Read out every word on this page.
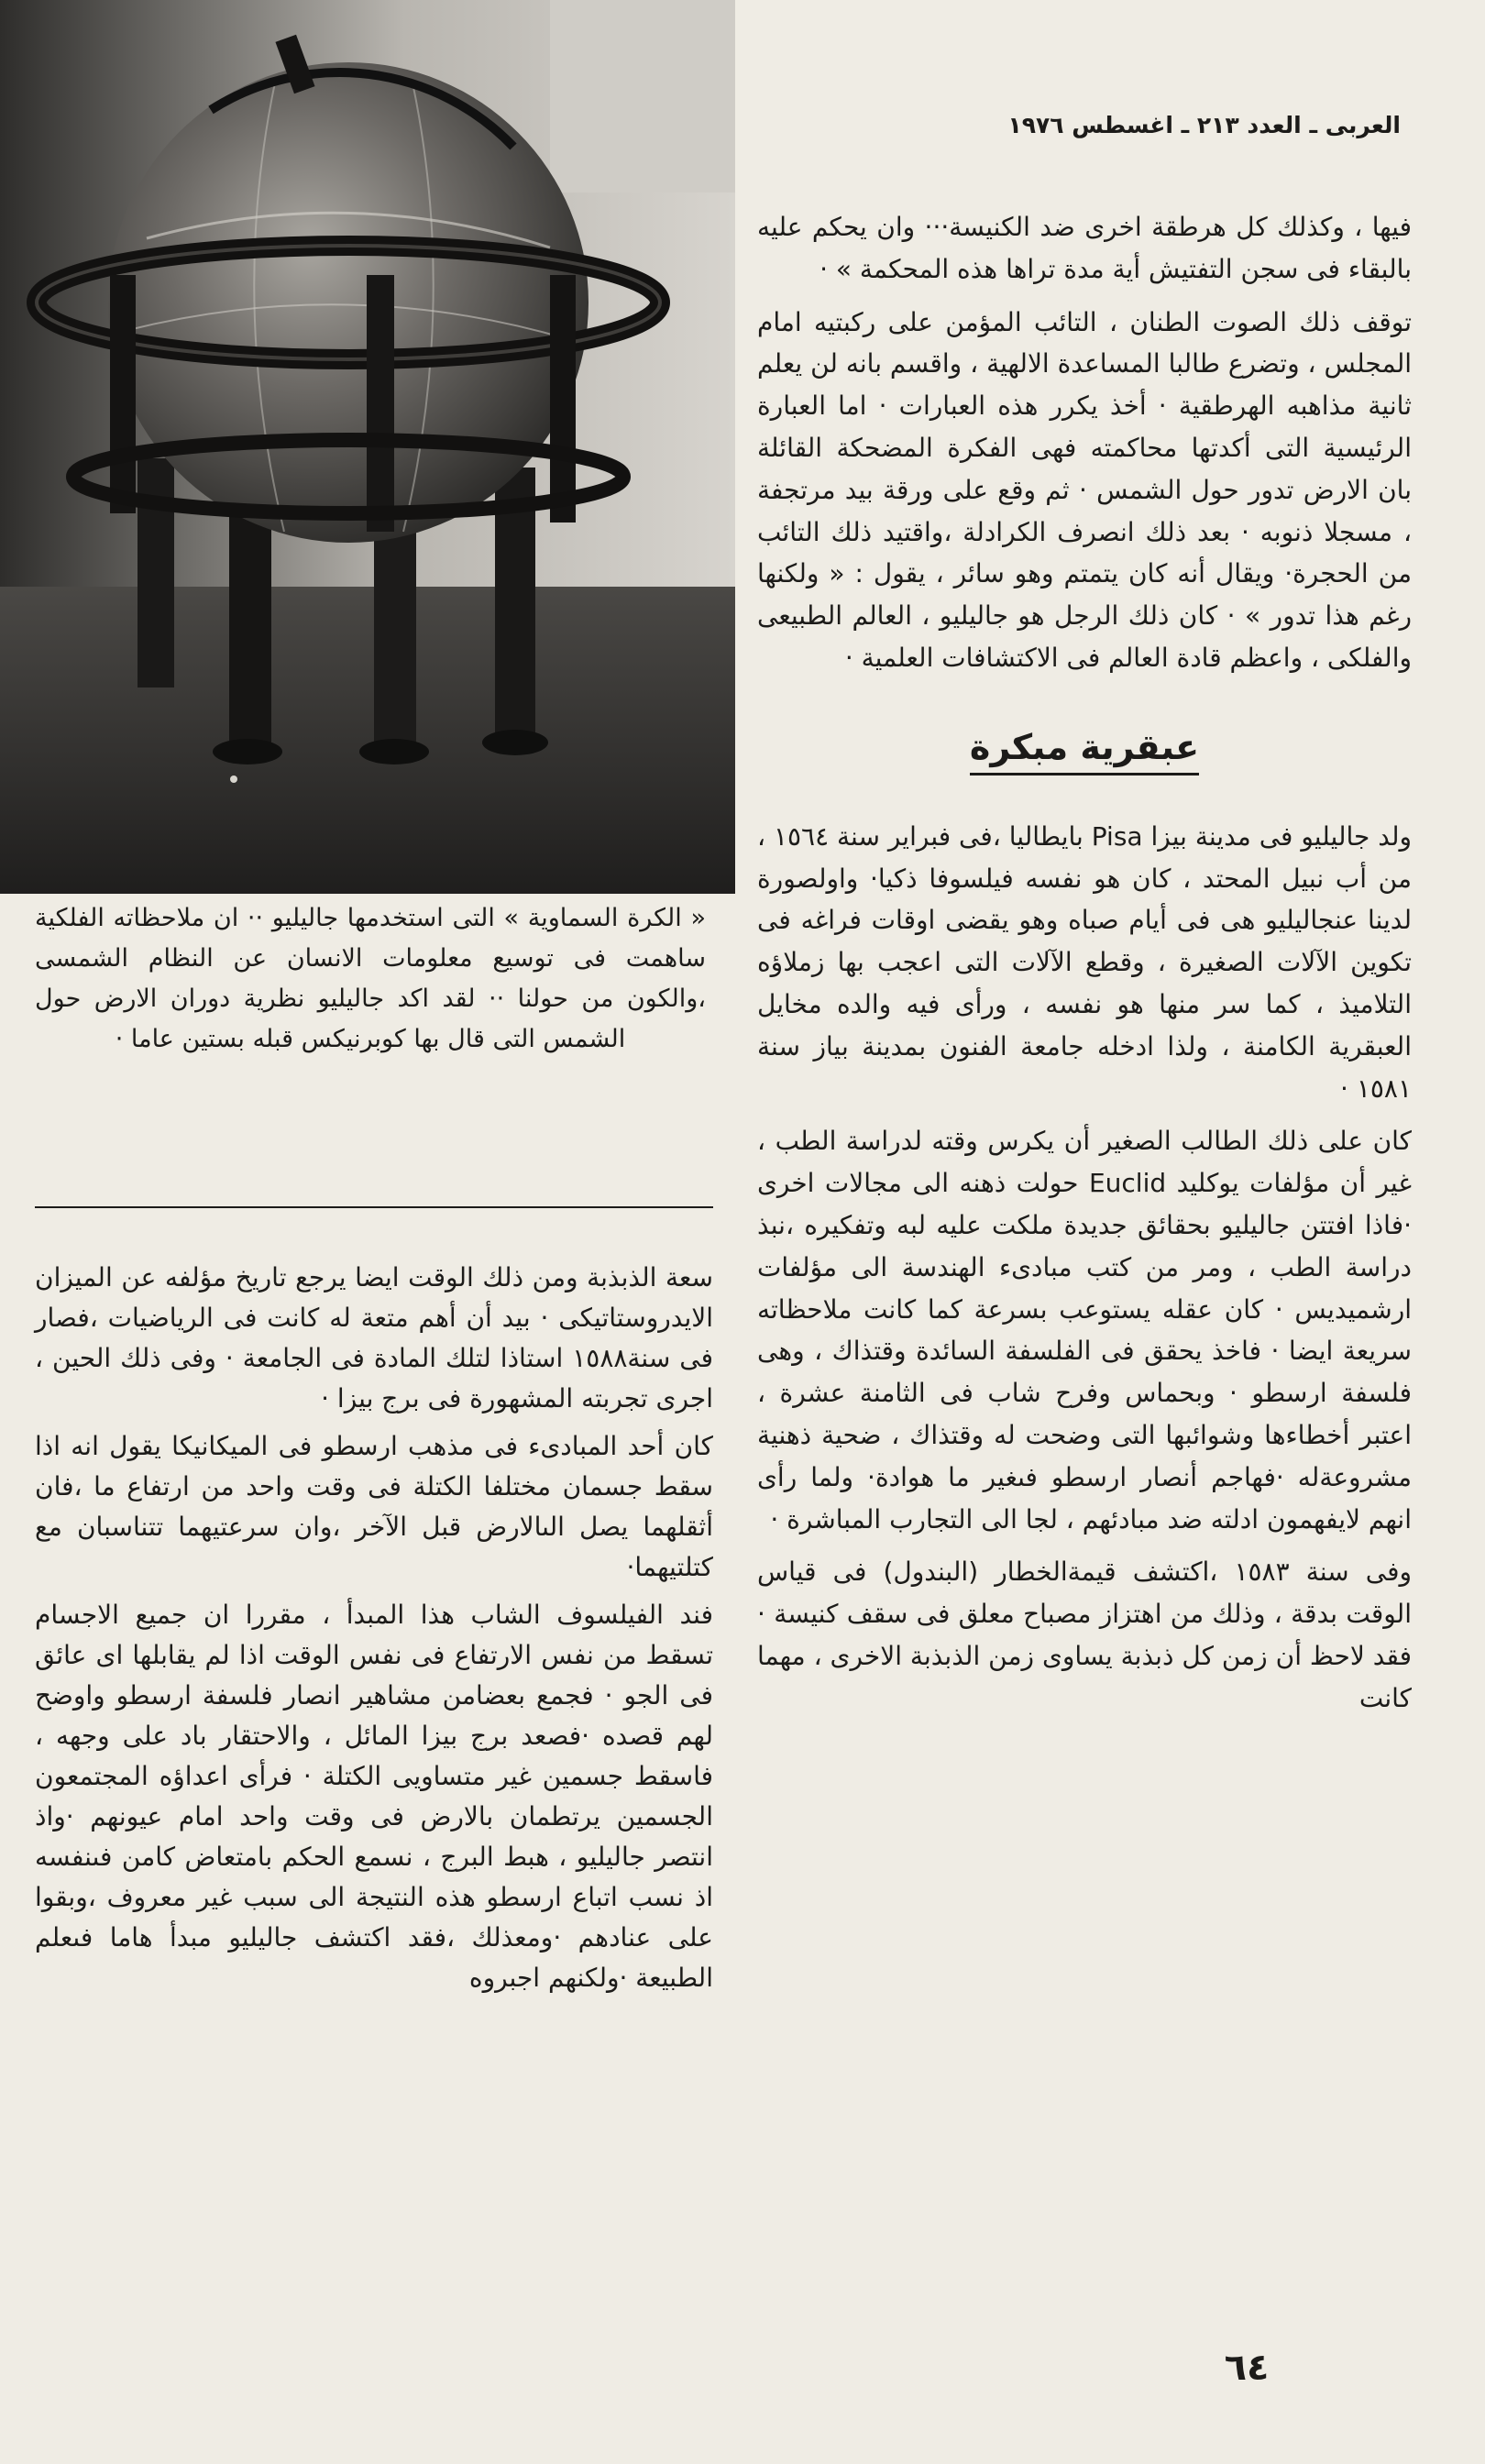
العربى ـ العدد ٢١٣ ـ اغسطس ١٩٧٦
« الكرة السماوية » التى استخدمها جاليليو ·· ان ملاحظاته الفلكية ساهمت فى توسيع معلومات الانسان عن النظام الشمسى ،والكون من حولنا ·· لقد اكد جاليليو نظرية دوران الارض حول الشمس التى قال بها كوبرنيكس قبله بستين عاما ·

فيها ، وكذلك كل هرطقة اخرى ضد الكنيسة··· وان يحكم عليه بالبقاء فى سجن التفتيش أية مدة تراها هذه المحكمة » ·

توقف ذلك الصوت الطنان ، التائب المؤمن على ركبتيه امام المجلس ، وتضرع طالبا المساعدة الالهية ، واقسم بانه لن يعلم ثانية مذاهبه الهرطقية · أخذ يكرر هذه العبارات · اما العبارة الرئيسية التى أكدتها محاكمته فهى الفكرة المضحكة القائلة بان الارض تدور حول الشمس · ثم وقع على ورقة بيد مرتجفة ، مسجلا ذنوبه · بعد ذلك انصرف الكرادلة ،واقتيد ذلك التائب من الحجرة· ويقال أنه كان يتمتم وهو سائر ، يقول : « ولكنها رغم هذا تدور » · كان ذلك الرجل هو جاليليو ، العالم الطبيعى والفلكى ، واعظم قادة العالم فى الاكتشافات العلمية ·

عبقرية مبكرة

ولد جاليليو فى مدينة بيزا Pisa بايطاليا ،فى فبراير سنة ١٥٦٤ ، من أب نبيل المحتد ، كان هو نفسه فيلسوفا ذكيا· واولصورة لدينا عنجاليليو هى فى أيام صباه وهو يقضى اوقات فراغه فى تكوين الآلات الصغيرة ، وقطع الآلات التى اعجب بها زملاؤه التلاميذ ، كما سر منها هو نفسه ، ورأى فيه والده مخايل العبقرية الكامنة ، ولذا ادخله جامعة الفنون بمدينة بياز سنة ١٥٨١ ·

كان على ذلك الطالب الصغير أن يكرس وقته لدراسة الطب ، غير أن مؤلفات يوكليد Euclid حولت ذهنه الى مجالات اخرى ·فاذا افتتن جاليليو بحقائق جديدة ملكت عليه لبه وتفكيره ،نبذ دراسة الطب ، ومر من كتب مبادىء الهندسة الى مؤلفات ارشميديس · كان عقله يستوعب بسرعة كما كانت ملاحظاته سريعة ايضا · فاخذ يحقق فى الفلسفة السائدة وقتذاك ، وهى فلسفة ارسطو · وبحماس وفرح شاب فى الثامنة عشرة ، اعتبر أخطاءها وشوائبها التى وضحت له وقتذاك ، ضحية ذهنية مشروعةله ·فهاجم أنصار ارسطو فىغير ما هوادة· ولما رأى انهم لايفهمون ادلته ضد مبادئهم ، لجا الى التجارب المباشرة ·

وفى سنة ١٥٨٣ ،اكتشف قيمةالخطار (البندول) فى قياس الوقت بدقة ، وذلك من اهتزاز مصباح معلق فى سقف كنيسة · فقد لاحظ أن زمن كل ذبذبة يساوى زمن الذبذبة الاخرى ، مهما كانت

سعة الذبذبة ومن ذلك الوقت ايضا يرجع تاريخ مؤلفه عن الميزان الايدروستاتيكى · بيد أن أهم متعة له كانت فى الرياضيات ،فصار فى سنة١٥٨٨ استاذا لتلك المادة فى الجامعة · وفى ذلك الحين ، اجرى تجربته المشهورة فى برج بيزا ·

كان أحد المبادىء فى مذهب ارسطو فى الميكانيكا يقول انه اذا سقط جسمان مختلفا الكتلة فى وقت واحد من ارتفاع ما ،فان أثقلهما يصل الىالارض قبل الآخر ،وان سرعتيهما تتناسبان مع كتلتيهما·

فند الفيلسوف الشاب هذا المبدأ ، مقررا ان جميع الاجسام تسقط من نفس الارتفاع فى نفس الوقت اذا لم يقابلها اى عائق فى الجو · فجمع بعضامن مشاهير انصار فلسفة ارسطو واوضح لهم قصده ·فصعد برج بيزا المائل ، والاحتقار باد على وجهه ، فاسقط جسمين غير متساويى الكتلة · فرأى اعداؤه المجتمعون الجسمين يرتطمان بالارض فى وقت واحد امام عيونهم ·واذ انتصر جاليليو ، هبط البرج ، نسمع الحكم بامتعاض كامن فىنفسه اذ نسب اتباع ارسطو هذه النتيجة الى سبب غير معروف ،وبقوا على عنادهم ·ومعذلك ،فقد اكتشف جاليليو مبدأ هاما فىعلم الطبيعة ·ولكنهم اجبروه

٦٤
